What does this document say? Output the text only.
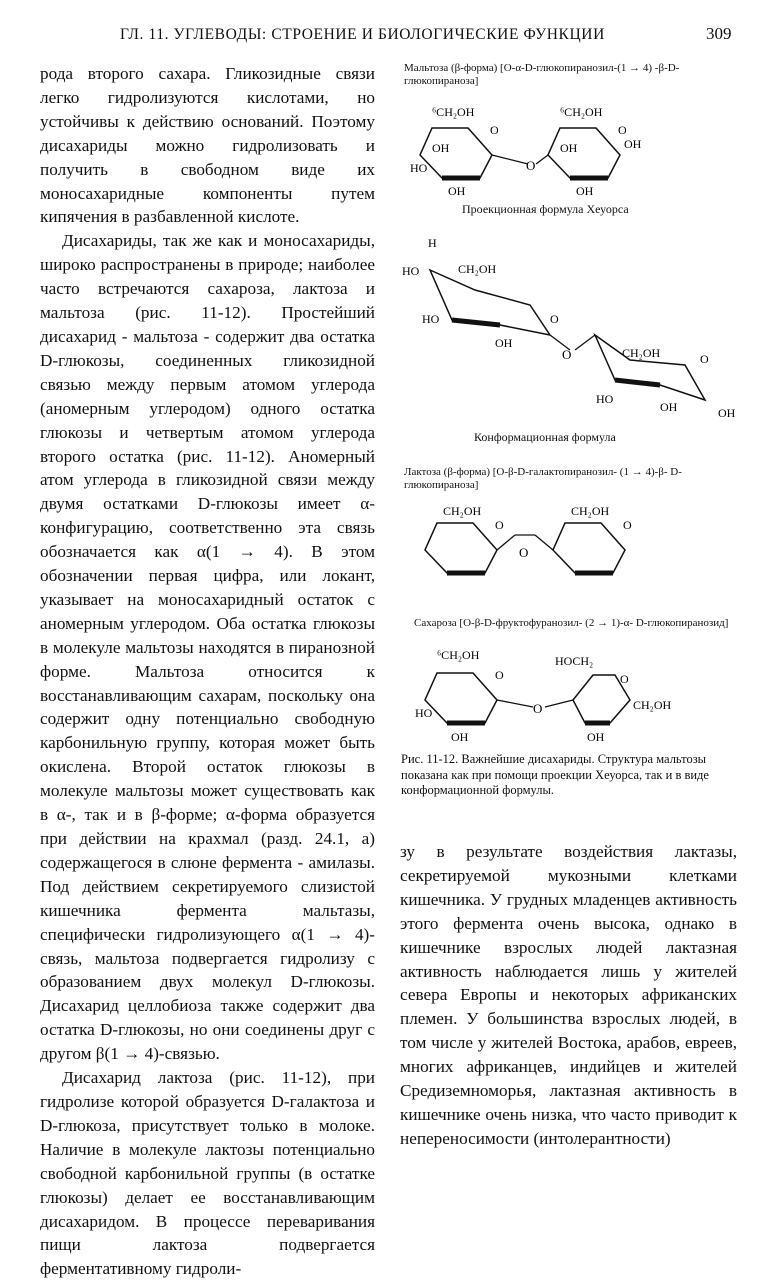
ГЛ. 11. УГЛЕВОДЫ: СТРОЕНИЕ И БИОЛОГИЧЕСКИЕ ФУНКЦИИ	309

рода второго сахара. Гликозидные связи легко гидролизуются кислотами, но устойчивы к действию оснований. Поэтому дисахариды можно гидролизовать и получить в свободном виде их моносахаридные компоненты путем кипячения в разбавленной кислоте.

Дисахариды, так же как и моносахариды, широко распространены в природе; наиболее часто встречаются сахароза, лактоза и мальтоза (рис. 11-12). Простейший дисахарид - мальтоза - содержит два остатка D-глюкозы, соединенных гликозидной связью между первым атомом углерода (аномерным углеродом) одного остатка глюкозы и четвертым атомом углерода второго остатка (рис. 11-12). Аномерный атом углерода в гликозидной связи между двумя остатками D-глюкозы имеет α-конфигурацию, соответственно эта связь обозначается как α(1 → 4). В этом обозначении первая цифра, или локант, указывает на моносахаридный остаток с аномерным углеродом. Оба остатка глюкозы в молекуле мальтозы находятся в пиранозной форме. Мальтоза относится к восстанавливающим сахарам, поскольку она содержит одну потенциально свободную карбонильную группу, которая может быть окислена. Второй остаток глюкозы в молекуле мальтозы может существовать как в α-, так и в β-форме; α-форма образуется при действии на крахмал (разд. 24.1, а) содержащегося в слюне фермента - амилазы. Под действием секретируемого слизистой кишечника фермента мальтазы, специфически гидролизующего α(1 → 4)-связь, мальтоза подвергается гидролизу с образованием двух молекул D-глюкозы. Дисахарид целлобиоза также содержит два остатка D-глюкозы, но они соединены друг с другом β(1 → 4)-связью.

Дисахарид лактоза (рис. 11-12), при гидролизе которой образуется D-галактоза и D-глюкоза, присутствует только в молоке. Наличие в молекуле лактозы потенциально свободной карбонильной группы (в остатке глюкозы) делает ее восстанавливающим дисахаридом. В процессе переваривания пищи лактоза подвергается ферментативному гидроли-

зу в результате воздействия лактазы, секретируемой мукозными клетками кишечника. У грудных младенцев активность этого фермента очень высока, однако в кишечнике взрослых людей лактазная активность наблюдается лишь у жителей севера Европы и некоторых африканских племен. У большинства взрослых людей, в том числе у жителей Востока, арабов, евреев, многих африканцев, индийцев и жителей Средиземноморья, лактазная активность в кишечнике очень низка, что часто приводит к непереносимости (интолерантности)

Мальтоза (β-форма) [O-α-D-глюкопиранозил-(1 → 4) -β-D-глюкопираноза]
Проекционная формула Хеуорса
Конформационная формула
Лактоза (β-форма) [O-β-D-галактопиранозил- (1 → 4)-β- D-глюкопираноза]
Сахароза [O-β-D-фруктофуранозил- (2 → 1)-α- D-глюкопиранозид]
Рис. 11-12. Важнейшие дисахариды. Структура мальтозы показана как при помощи проекции Хеуорса, так и в виде конформационной формулы.
O
⁶CH₂OH	⁶CH₂OH
O	O
HO
OH	OH
OH
OH	OH
O
CH₂OH
CH₂OH
HO
HO
OH
HO
OH	OH
H
O
O
O
CH₂OH	CH₂OH
O	O
O
⁶CH₂OH	HOCH₂
HO
OH	OH
CH₂OH
O
O
